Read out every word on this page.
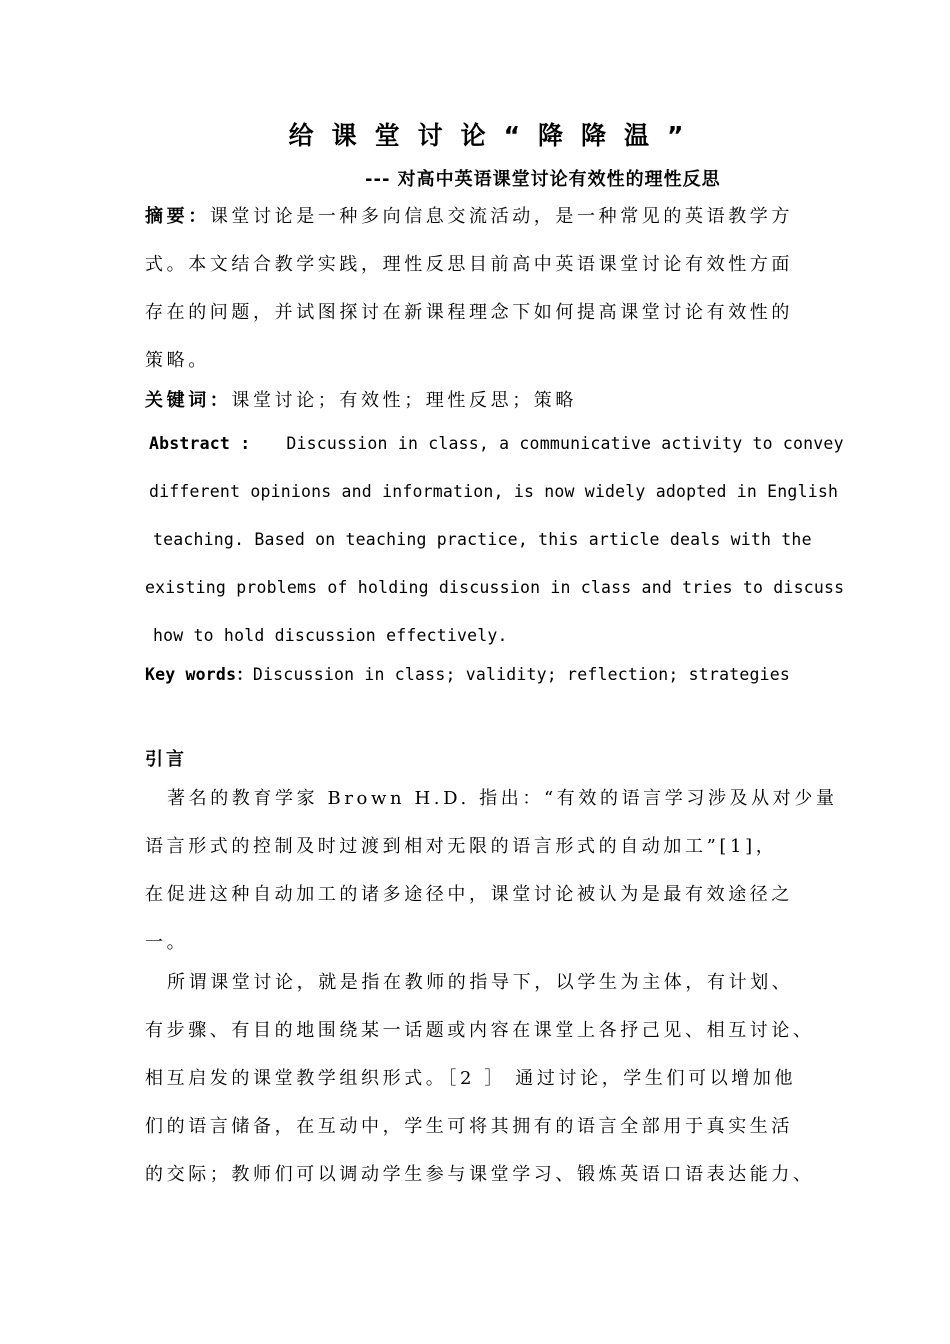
给课堂讨论“降降温”
--- 对高中英语课堂讨论有效性的理性反思
摘要：课堂讨论是一种多向信息交流活动，是一种常见的英语教学方
式。本文结合教学实践，理性反思目前高中英语课堂讨论有效性方面
存在的问题，并试图探讨在新课程理念下如何提高课堂讨论有效性的
策略。
关键词：课堂讨论；有效性；理性反思；策略
Abstract : Discussion in class, a communicative activity to convey
different opinions and information, is now widely adopted in English
teaching. Based on teaching practice, this article deals with the
existing problems of holding discussion in class and tries to discuss
how to hold discussion effectively.
Key words：Discussion in class; validity; reflection; strategies
引言
著名的教育学家 Brown H.D. 指出：“有效的语言学习涉及从对少量
语言形式的控制及时过渡到相对无限的语言形式的自动加工”[1]，
在促进这种自动加工的诸多途径中，课堂讨论被认为是最有效途径之
一。
所谓课堂讨论，就是指在教师的指导下，以学生为主体，有计划、
有步骤、有目的地围绕某一话题或内容在课堂上各抒己见、相互讨论、
相互启发的课堂教学组织形式。［2 ］ 通过讨论，学生们可以增加他
们的语言储备，在互动中，学生可将其拥有的语言全部用于真实生活
的交际；教师们可以调动学生参与课堂学习、锻炼英语口语表达能力、
